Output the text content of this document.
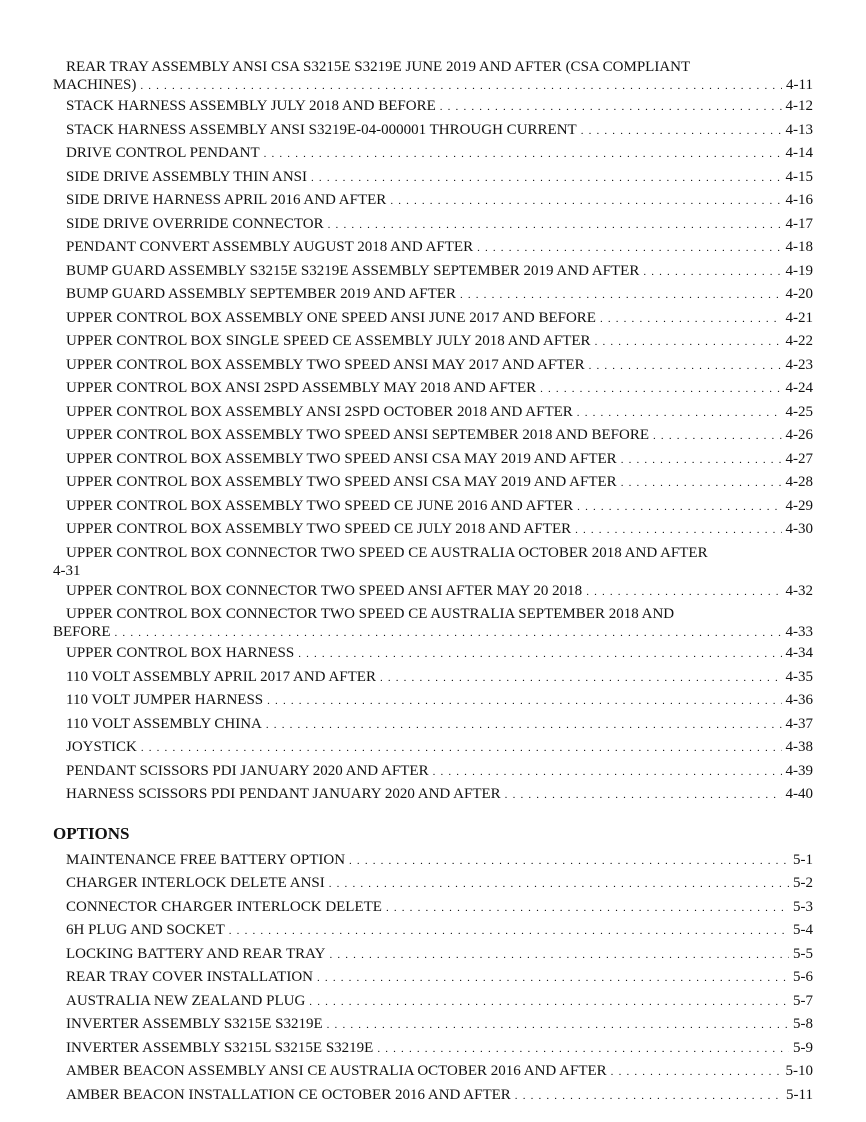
REAR TRAY ASSEMBLY ANSI CSA S3215E S3219E JUNE 2019 AND AFTER (CSA COMPLIANT
MACHINES) . . .	4-11
STACK HARNESS ASSEMBLY JULY 2018 AND BEFORE . . .	4-12
STACK HARNESS ASSEMBLY ANSI S3219E-04-000001 THROUGH CURRENT . . .	4-13
DRIVE CONTROL PENDANT . . .	4-14
SIDE DRIVE ASSEMBLY THIN ANSI . . .	4-15
SIDE DRIVE HARNESS APRIL 2016 AND AFTER . . .	4-16
SIDE DRIVE OVERRIDE CONNECTOR . . .	4-17
PENDANT CONVERT ASSEMBLY AUGUST 2018 AND AFTER . . .	4-18
BUMP GUARD ASSEMBLY S3215E S3219E ASSEMBLY SEPTEMBER 2019 AND AFTER . . .	4-19
BUMP GUARD ASSEMBLY SEPTEMBER 2019 AND AFTER . . .	4-20
UPPER CONTROL BOX ASSEMBLY ONE SPEED ANSI JUNE 2017 AND BEFORE . . .	4-21
UPPER CONTROL BOX SINGLE SPEED CE ASSEMBLY JULY 2018 AND AFTER . . .	4-22
UPPER CONTROL BOX ASSEMBLY TWO SPEED ANSI MAY 2017 AND AFTER . . .	4-23
UPPER CONTROL BOX ANSI 2SPD ASSEMBLY MAY 2018 AND AFTER . . .	4-24
UPPER CONTROL BOX ASSEMBLY ANSI 2SPD OCTOBER 2018 AND AFTER . . .	4-25
UPPER CONTROL BOX ASSEMBLY TWO SPEED ANSI SEPTEMBER 2018 AND BEFORE . . .	4-26
UPPER CONTROL BOX ASSEMBLY TWO SPEED ANSI CSA MAY 2019 AND AFTER . . .	4-27
UPPER CONTROL BOX ASSEMBLY TWO SPEED ANSI CSA MAY 2019 AND AFTER . . .	4-28
UPPER CONTROL BOX ASSEMBLY TWO SPEED CE JUNE 2016 AND AFTER . . .	4-29
UPPER CONTROL BOX ASSEMBLY TWO SPEED CE JULY 2018 AND AFTER . . .	4-30
UPPER CONTROL BOX CONNECTOR TWO SPEED CE AUSTRALIA OCTOBER 2018 AND AFTER
4-31
UPPER CONTROL BOX CONNECTOR TWO SPEED ANSI AFTER MAY 20 2018 . . .	4-32
UPPER CONTROL BOX CONNECTOR TWO SPEED CE AUSTRALIA SEPTEMBER 2018 AND
BEFORE . . .	4-33
UPPER CONTROL BOX HARNESS . . .	4-34
110 VOLT ASSEMBLY APRIL 2017 AND AFTER . . .	4-35
110 VOLT JUMPER HARNESS . . .	4-36
110 VOLT ASSEMBLY CHINA . . .	4-37
JOYSTICK . . .	4-38
PENDANT SCISSORS PDI JANUARY 2020 AND AFTER . . .	4-39
HARNESS SCISSORS PDI PENDANT JANUARY 2020 AND AFTER . . .	4-40
OPTIONS
MAINTENANCE FREE BATTERY OPTION . . .	5-1
CHARGER INTERLOCK DELETE ANSI . . .	5-2
CONNECTOR CHARGER INTERLOCK DELETE . . .	5-3
6H PLUG AND SOCKET . . .	5-4
LOCKING BATTERY AND REAR TRAY . . .	5-5
REAR TRAY COVER INSTALLATION . . .	5-6
AUSTRALIA NEW ZEALAND PLUG . . .	5-7
INVERTER ASSEMBLY S3215E S3219E . . .	5-8
INVERTER ASSEMBLY S3215L S3215E S3219E . . .	5-9
AMBER BEACON ASSEMBLY ANSI CE AUSTRALIA OCTOBER 2016 AND AFTER . . .	5-10
AMBER BEACON INSTALLATION CE OCTOBER 2016 AND AFTER . . .	5-11
